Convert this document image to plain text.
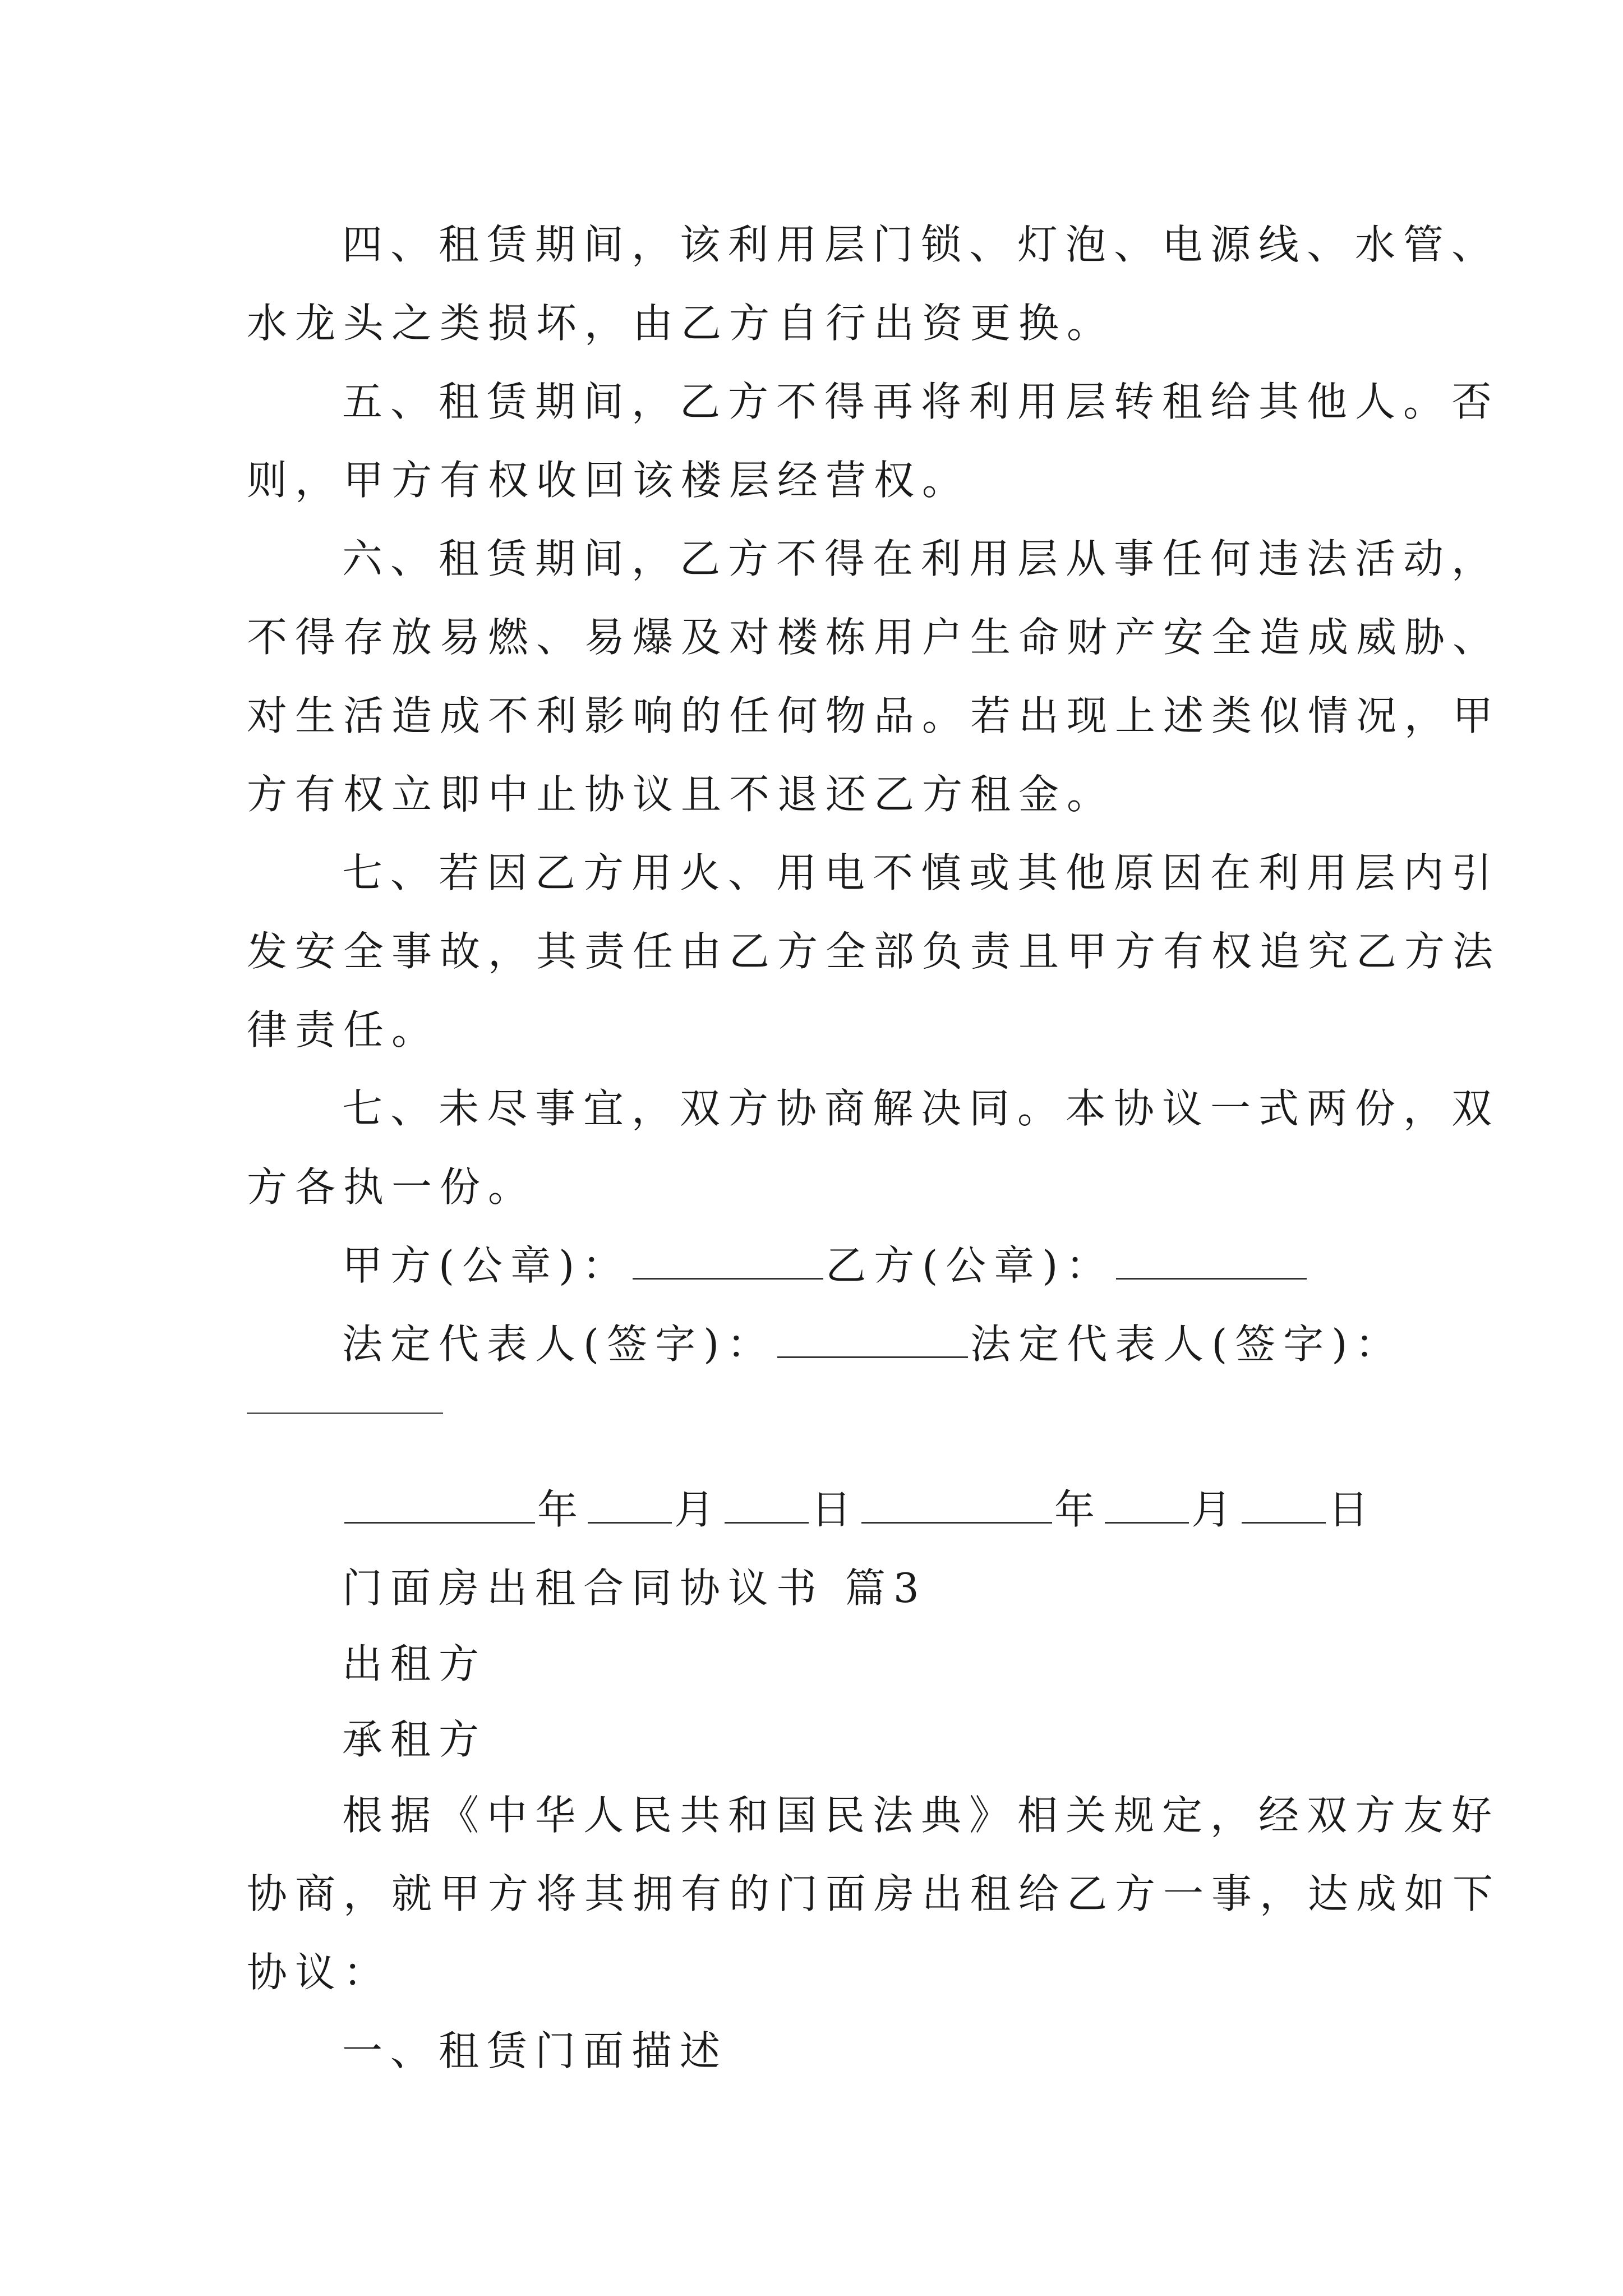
四、租赁期间，该利用层门锁、灯泡、电源线、水管、
水龙头之类损坏，由乙方自行出资更换。
五、租赁期间，乙方不得再将利用层转租给其他人。否
则，甲方有权收回该楼层经营权。
六、租赁期间，乙方不得在利用层从事任何违法活动，
不得存放易燃、易爆及对楼栋用户生命财产安全造成威胁、
对生活造成不利影响的任何物品。若出现上述类似情况，甲
方有权立即中止协议且不退还乙方租金。
七、若因乙方用火、用电不慎或其他原因在利用层内引
发安全事故，其责任由乙方全部负责且甲方有权追究乙方法
律责任。
七、未尽事宜，双方协商解决同。本协议一式两份，双
方各执一份。
甲方(公章)：	乙方(公章)：
法定代表人(签字)：	法定代表人(签字)：
年 月 日	年 月 日
门面房出租合同协议书 篇3
出租方
承租方
根据《中华人民共和国民法典》相关规定，经双方友好
协商，就甲方将其拥有的门面房出租给乙方一事，达成如下
协议：
一、租赁门面描述
